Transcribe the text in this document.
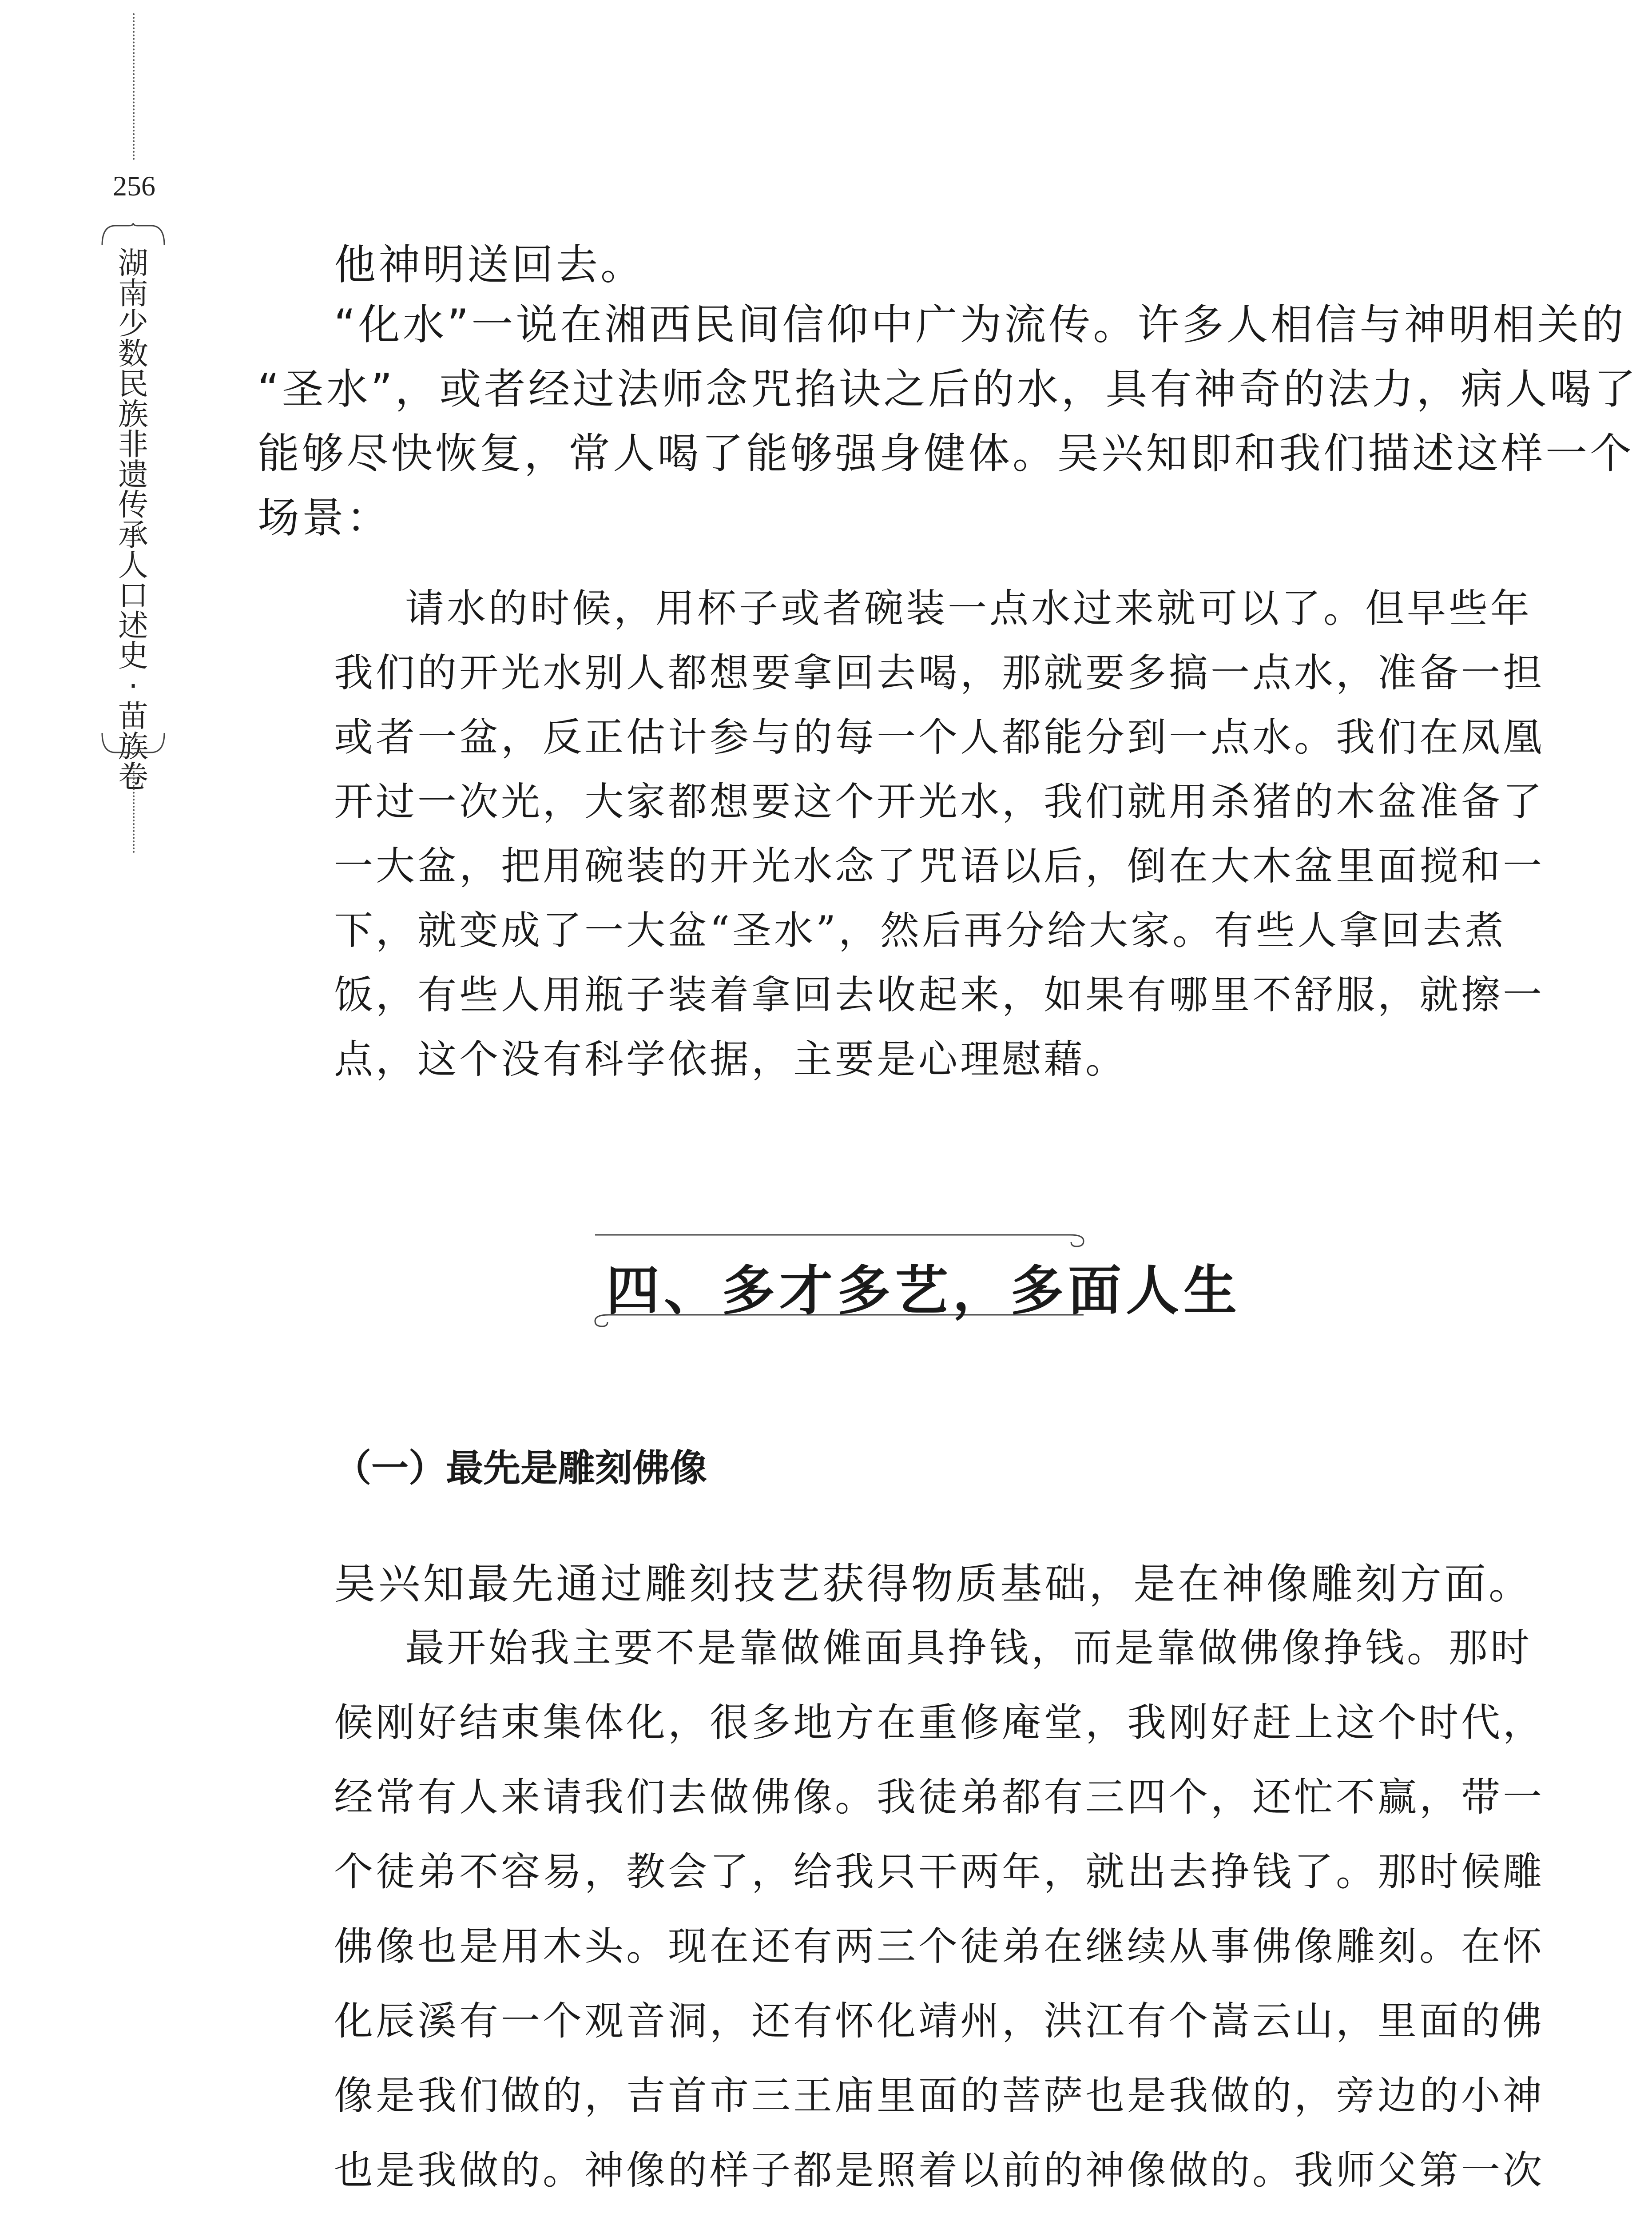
256
湖
南
少
数
民
族
非
遗
传
承
人
口
述
史
·
苗
族
卷
他神明送回去。
“化水”一说在湘西民间信仰中广为流传。许多人相信与神明相关的
“圣水”，或者经过法师念咒掐诀之后的水，具有神奇的法力，病人喝了
能够尽快恢复，常人喝了能够强身健体。吴兴知即和我们描述这样一个
场景：
请水的时候，用杯子或者碗装一点水过来就可以了。但早些年
我们的开光水别人都想要拿回去喝，那就要多搞一点水，准备一担
或者一盆，反正估计参与的每一个人都能分到一点水。我们在凤凰
开过一次光，大家都想要这个开光水，我们就用杀猪的木盆准备了
一大盆，把用碗装的开光水念了咒语以后，倒在大木盆里面搅和一
下，就变成了一大盆“圣水”，然后再分给大家。有些人拿回去煮
饭，有些人用瓶子装着拿回去收起来，如果有哪里不舒服，就擦一
点，这个没有科学依据，主要是心理慰藉。
四、多才多艺，多面人生
（一）最先是雕刻佛像
吴兴知最先通过雕刻技艺获得物质基础，是在神像雕刻方面。
最开始我主要不是靠做傩面具挣钱，而是靠做佛像挣钱。那时
候刚好结束集体化，很多地方在重修庵堂，我刚好赶上这个时代，
经常有人来请我们去做佛像。我徒弟都有三四个，还忙不赢，带一
个徒弟不容易，教会了，给我只干两年，就出去挣钱了。那时候雕
佛像也是用木头。现在还有两三个徒弟在继续从事佛像雕刻。在怀
化辰溪有一个观音洞，还有怀化靖州，洪江有个嵩云山，里面的佛
像是我们做的，吉首市三王庙里面的菩萨也是我做的，旁边的小神
也是我做的。神像的样子都是照着以前的神像做的。我师父第一次
